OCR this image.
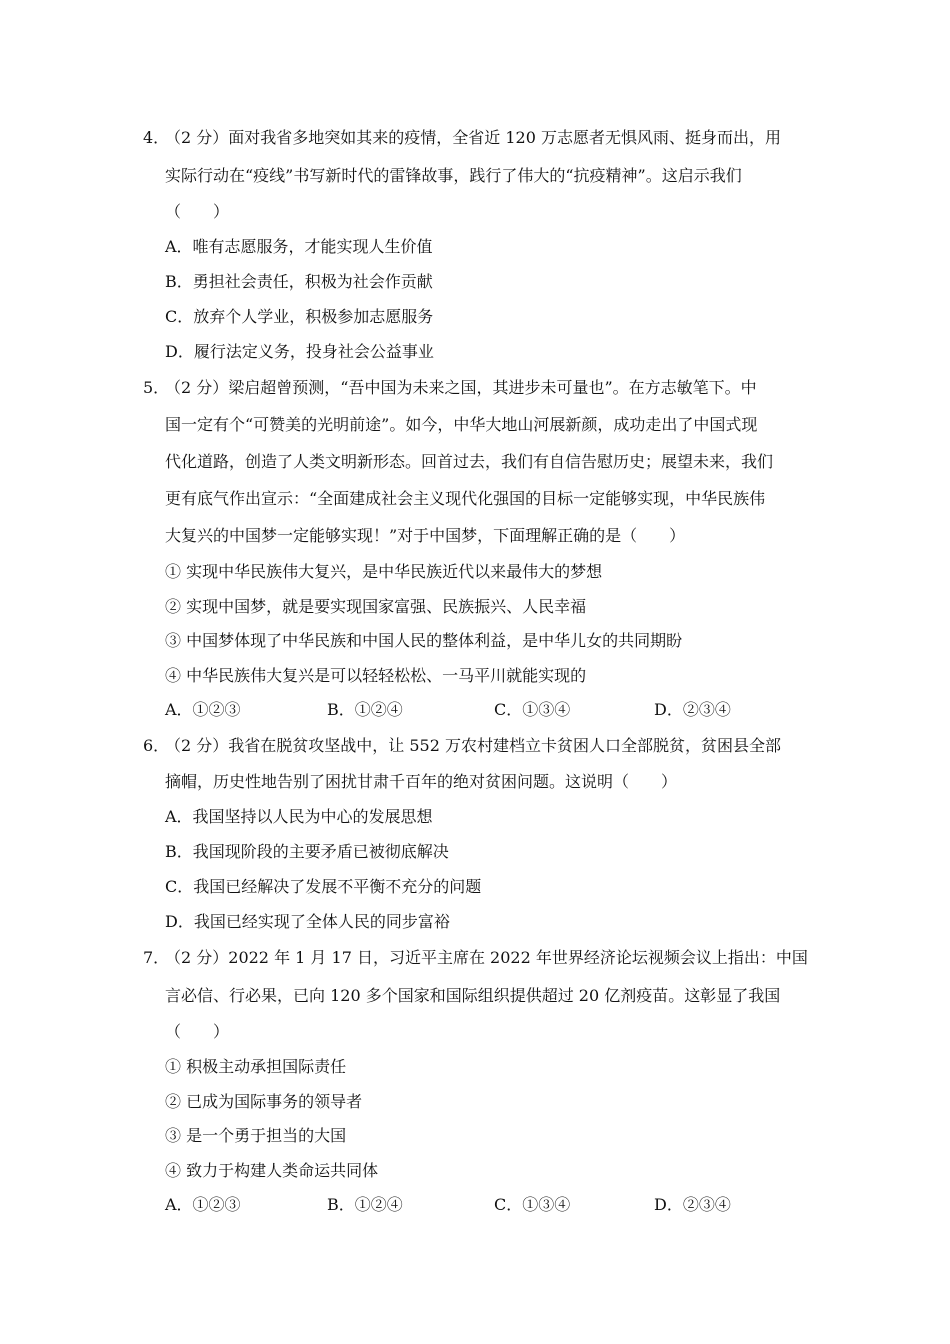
4．
（2 分）面对我省多地突如其来的疫情，全省近 120 万志愿者无惧风雨、挺身而出，用
实际行动在“疫线”书写新时代的雷锋故事，践行了伟大的“抗疫精神”。这启示我们
（　　）
A．唯有志愿服务，才能实现人生价值
B．勇担社会责任，积极为社会作贡献
C．放弃个人学业，积极参加志愿服务
D．履行法定义务，投身社会公益事业
5．
（2 分）梁启超曾预测，“吾中国为未来之国，其进步未可量也”。在方志敏笔下。中
国一定有个“可赞美的光明前途”。如今，中华大地山河展新颜，成功走出了中国式现
代化道路，创造了人类文明新形态。回首过去，我们有自信告慰历史；展望未来，我们
更有底气作出宣示：“全面建成社会主义现代化强国的目标一定能够实现，中华民族伟
大复兴的中国梦一定能够实现！”对于中国梦，下面理解正确的是（　　）
① 实现中华民族伟大复兴，是中华民族近代以来最伟大的梦想
② 实现中国梦，就是要实现国家富强、民族振兴、人民幸福
③ 中国梦体现了中华民族和中国人民的整体利益，是中华儿女的共同期盼
④ 中华民族伟大复兴是可以轻轻松松、一马平川就能实现的
A．①②③	B．①②④	C．①③④	D．②③④
6．
（2 分）我省在脱贫攻坚战中，让 552 万农村建档立卡贫困人口全部脱贫，贫困县全部
摘帽，历史性地告别了困扰甘肃千百年的绝对贫困问题。这说明（　　）
A．我国坚持以人民为中心的发展思想
B．我国现阶段的主要矛盾已被彻底解决
C．我国已经解决了发展不平衡不充分的问题
D．我国已经实现了全体人民的同步富裕
7．
（2 分）2022 年 1 月 17 日，习近平主席在 2022 年世界经济论坛视频会议上指出：中国
言必信、行必果，已向 120 多个国家和国际组织提供超过 20 亿剂疫苗。这彰显了我国
（　　）
① 积极主动承担国际责任
② 已成为国际事务的领导者
③ 是一个勇于担当的大国
④ 致力于构建人类命运共同体
A．①②③	B．①②④	C．①③④	D．②③④
